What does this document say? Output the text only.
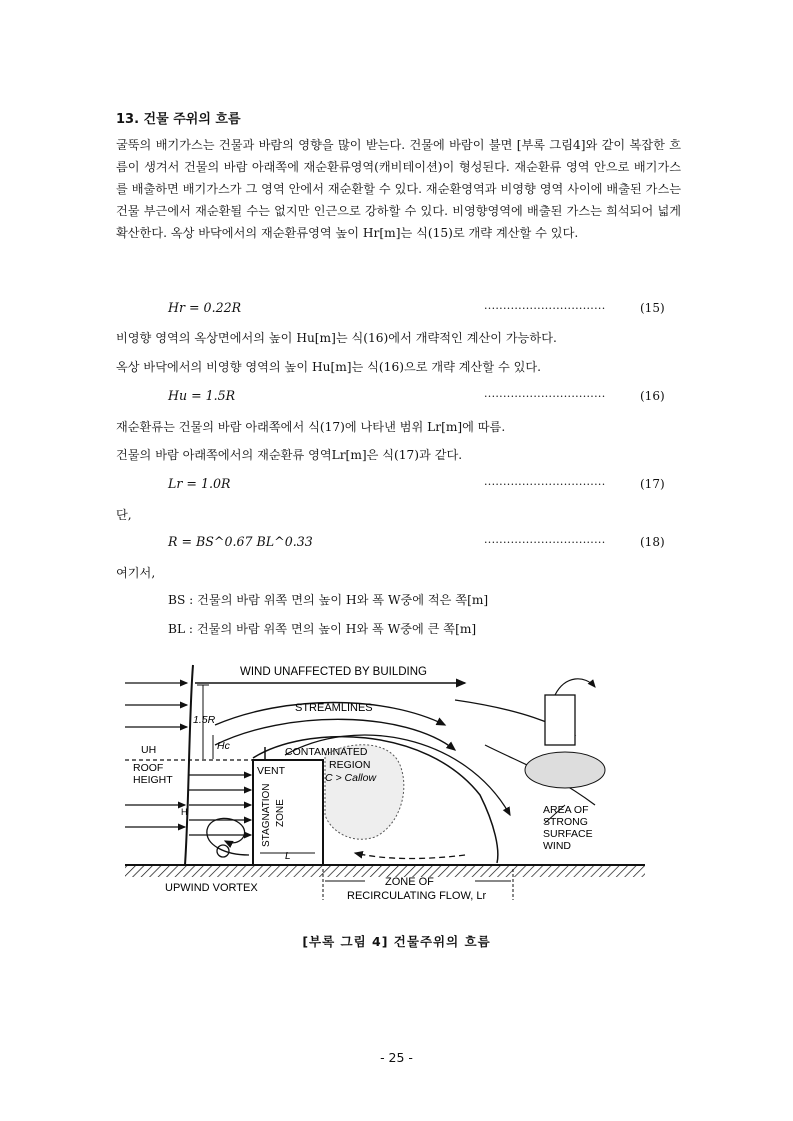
13. 건물 주위의 흐름
굴뚝의 배기가스는 건물과 바람의 영향을 많이 받는다. 건물에 바람이 불면 [부록 그림4]와 같이 복잡한 흐름이 생겨서 건물의 바람 아래쪽에 재순환류영역(캐비테이션)이 형성된다. 재순환류 영역 안으로 배기가스를 배출하면 배기가스가 그 영역 안에서 재순환할 수 있다. 재순환영역과 비영향 영역 사이에 배출된 가스는 건물 부근에서 재순환될 수는 없지만 인근으로 강하할 수 있다. 비영향영역에 배출된 가스는 희석되어 넓게 확산한다. 옥상 바닥에서의 재순환류영역 높이 Hr[m]는 식(15)로 개략 계산할 수 있다.
Hr = 0.22R	································	(15)
비영향 영역의 옥상면에서의 높이 Hu[m]는 식(16)에서 개략적인 계산이 가능하다.
옥상 바닥에서의 비영향 영역의 높이 Hu[m]는 식(16)으로 개략 계산할 수 있다.
Hu = 1.5R	································	(16)
재순환류는 건물의 바람 아래쪽에서 식(17)에 나타낸 범위 Lr[m]에 따름.
건물의 바람 아래쪽에서의 재순환류 영역Lr[m]은 식(17)과 같다.
Lr = 1.0R	································	(17)
단,
R = BS^0.67 BL^0.33	································	(18)
여기서,
BS : 건물의 바람 위쪽 면의 높이 H와 폭 W중에 적은 쪽[m]
BL : 건물의 바람 위쪽 면의 높이 H와 폭 W중에 큰 쪽[m]
WIND UNAFFECTED BY BUILDING
STREAMLINES
1.5R
Hc
UH
ROOF
HEIGHT
VENT
CONTAMINATED
REGION
C > Callow
STAGNATION ZONE
H
L
AREA OF
STRONG
SURFACE
WIND
UPWIND VORTEX	ZONE OF
RECIRCULATING FLOW, Lr
[부록 그림 4] 건물주위의 흐름
- 25 -
